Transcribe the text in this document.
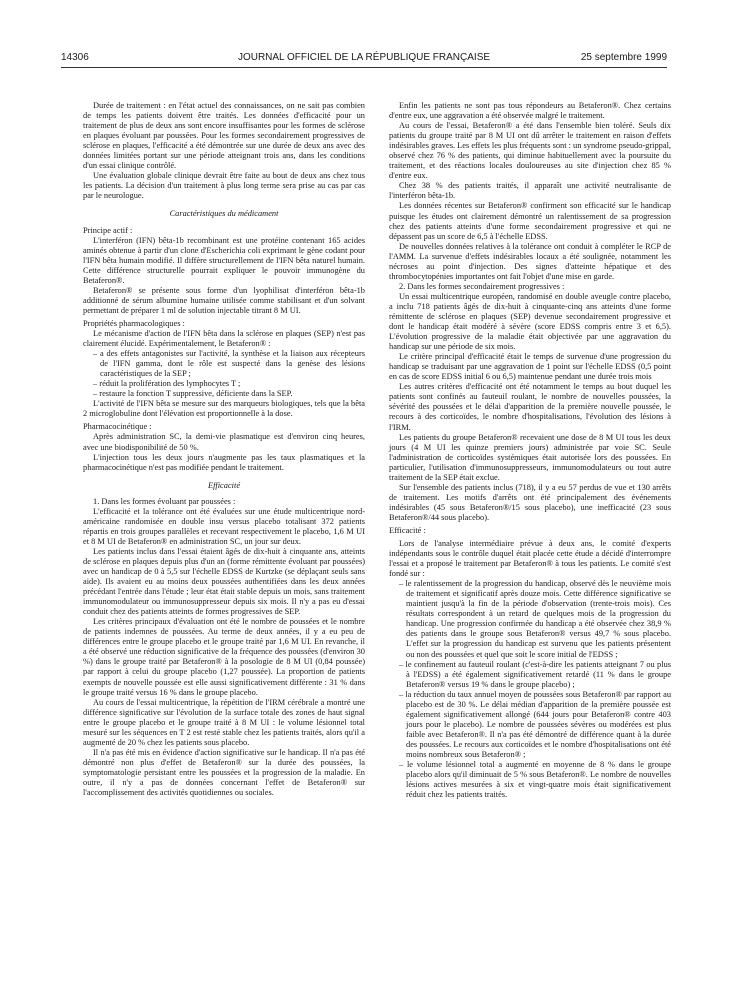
14306	JOURNAL OFFICIEL DE LA RÉPUBLIQUE FRANÇAISE	25 septembre 1999

Durée de traitement : en l'état actuel des connaissances, on ne sait pas combien de temps les patients doivent être traités. Les données d'efficacité pour un traitement de plus de deux ans sont encore insuffisantes pour les formes de sclérose en plaques évoluant par poussées. Pour les formes secondairement progressives de sclérose en plaques, l'efficacité a été démontrée sur une durée de deux ans avec des données limitées portant sur une période atteignant trois ans, dans les conditions d'un essai clinique contrôlé.

Une évaluation globale clinique devrait être faite au bout de deux ans chez tous les patients. La décision d'un traitement à plus long terme sera prise au cas par cas par le neurologue.

Caractéristiques du médicament

Principe actif :

L'interféron (IFN) bêta-1b recombinant est une protéine contenant 165 acides aminés obtenue à partir d'un clone d'Escherichia coli exprimant le gène codant pour l'IFN bêta humain modifié. Il diffère structurellement de l'IFN bêta naturel humain. Cette différence structurelle pourrait expliquer le pouvoir immunogène du Betaferon®.

Betaferon® se présente sous forme d'un lyophilisat d'interféron bêta-1b additionné de sérum albumine humaine utilisée comme stabilisant et d'un solvant permettant de préparer 1 ml de solution injectable titrant 8 M UI.

Propriétés pharmacologiques :

Le mécanisme d'action de l'IFN bêta dans la sclérose en plaques (SEP) n'est pas clairement élucidé. Expérimentalement, le Betaferon® :

– a des effets antagonistes sur l'activité, la synthèse et la liaison aux récepteurs de l'IFN gamma, dont le rôle est suspecté dans la genèse des lésions caractéristiques de la SEP ;
– réduit la prolifération des lymphocytes T ;
– restaure la fonction T suppressive, déficiente dans la SEP.

L'activité de l'IFN bêta se mesure sur des marqueurs biologiques, tels que la bêta 2 microglobuline dont l'élévation est proportionnelle à la dose.

Pharmacocinétique :

Après administration SC, la demi-vie plasmatique est d'environ cinq heures, avec une biodisponibilité de 50 %.

L'injection tous les deux jours n'augmente pas les taux plasmatiques et la pharmacocinétique n'est pas modifiée pendant le traitement.

Efficacité

1. Dans les formes évoluant par poussées :

L'efficacité et la tolérance ont été évaluées sur une étude multicentrique nord-américaine randomisée en double insu versus placebo totalisant 372 patients répartis en trois groupes parallèles et recevant respectivement le placebo, 1,6 M UI et 8 M UI de Betaferon® en administration SC, un jour sur deux.

Les patients inclus dans l'essai étaient âgés de dix-huit à cinquante ans, atteints de sclérose en plaques depuis plus d'un an (forme rémittente évoluant par poussées) avec un handicap de 0 à 5,5 sur l'échelle EDSS de Kurtzke (se déplaçant seuls sans aide). Ils avaient eu au moins deux poussées authentifiées dans les deux années précédant l'entrée dans l'étude ; leur état était stable depuis un mois, sans traitement immunomodulateur ou immunosuppresseur depuis six mois. Il n'y a pas eu d'essai conduit chez des patients atteints de formes progressives de SEP.

Les critères principaux d'évaluation ont été le nombre de poussées et le nombre de patients indemnes de poussées. Au terme de deux années, il y a eu peu de différences entre le groupe placebo et le groupe traité par 1,6 M UI. En revanche, il a été observé une réduction significative de la fréquence des poussées (d'environ 30 %) dans le groupe traité par Betaferon® à la posologie de 8 M UI (0,84 poussée) par rapport à celui du groupe placebo (1,27 poussée). La proportion de patients exempts de nouvelle poussée est elle aussi significativement différente : 31 % dans le groupe traité versus 16 % dans le groupe placebo.

Au cours de l'essai multicentrique, la répétition de l'IRM cérébrale a montré une différence significative sur l'évolution de la surface totale des zones de haut signal entre le groupe placebo et le groupe traité à 8 M UI : le volume lésionnel total mesuré sur les séquences en T 2 est resté stable chez les patients traités, alors qu'il a augmenté de 20 % chez les patients sous placebo.

Il n'a pas été mis en évidence d'action significative sur le handicap. Il n'a pas été démontré non plus d'effet de Betaferon® sur la durée des poussées, la symptomatologie persistant entre les poussées et la progression de la maladie. En outre, il n'y a pas de données concernant l'effet de Betaferon® sur l'accomplissement des activités quotidiennes ou sociales.

Enfin les patients ne sont pas tous répondeurs au Betaferon®. Chez certains d'entre eux, une aggravation a été observée malgré le traitement.

Au cours de l'essai, Betaferon® a été dans l'ensemble bien toléré. Seuls dix patients du groupe traité par 8 M UI ont dû arrêter le traitement en raison d'effets indésirables graves. Les effets les plus fréquents sont : un syndrome pseudo-grippal, observé chez 76 % des patients, qui diminue habituellement avec la poursuite du traitement, et des réactions locales douloureuses au site d'injection chez 85 % d'entre eux.

Chez 38 % des patients traités, il apparaît une activité neutralisante de l'interféron bêta-1b.

Les données récentes sur Betaferon® confirment son efficacité sur le handicap puisque les études ont clairement démontré un ralentissement de sa progression chez des patients atteints d'une forme secondairement progressive et qui ne dépassent pas un score de 6,5 à l'échelle EDSS.

De nouvelles données relatives à la tolérance ont conduit à compléter le RCP de l'AMM. La survenue d'effets indésirables locaux a été soulignée, notamment les nécroses au point d'injection. Des signes d'atteinte hépatique et des thrombocytopénies importantes ont fait l'objet d'une mise en garde.

2. Dans les formes secondairement progressives :

Un essai multicentrique européen, randomisé en double aveugle contre placebo, a inclu 718 patients âgés de dix-huit à cinquante-cinq ans atteints d'une forme rémittente de sclérose en plaques (SEP) devenue secondairement progressive et dont le handicap était modéré à sévère (score EDSS compris entre 3 et 6,5). L'évolution progressive de la maladie était objectivée par une aggravation du handicap sur une période de six mois.

Le critère principal d'efficacité était le temps de survenue d'une progression du handicap se traduisant par une aggravation de 1 point sur l'échelle EDSS (0,5 point en cas de score EDSS initial 6 ou 6,5) maintenue pendant une durée trois mois

Les autres critères d'efficacité ont été notamment le temps au bout duquel les patients sont confinés au fauteuil roulant, le nombre de nouvelles poussées, la sévérité des poussées et le délai d'apparition de la première nouvelle poussée, le recours à des corticoïdes, le nombre d'hospitalisations, l'évolution des lésions à l'IRM.

Les patients du groupe Betaferon® recevaient une dose de 8 M UI tous les deux jours (4 M UI les quinze premiers jours) administrée par voie SC. Seule l'administration de corticoïdes systémiques était autorisée lors des poussées. En particulier, l'utilisation d'immunosuppresseurs, immunomodulateurs ou tout autre traitement de la SEP était exclue.

Sur l'ensemble des patients inclus (718), il y a eu 57 perdus de vue et 130 arrêts de traitement. Les motifs d'arrêts ont été principalement des événements indésirables (45 sous Betaferon®/15 sous placebo), une inefficacité (23 sous Betaferon®/44 sous placebo).

Efficacité :

Lors de l'analyse intermédiaire prévue à deux ans, le comité d'experts indépendants sous le contrôle duquel était placée cette étude a décidé d'interrompre l'essai et a proposé le traitement par Betaferon® à tous les patients. Le comité s'est fondé sur :

– le ralentissement de la progression du handicap, observé dès le neuvième mois de traitement et significatif après douze mois. Cette différence significative se maintient jusqu'à la fin de la période d'observation (trente-trois mois). Ces résultats correspondent à un retard de quelques mois de la progression du handicap. Une progression confirmée du handicap a été observée chez 38,9 % des patients dans le groupe sous Betaferon® versus 49,7 % sous placebo. L'effet sur la progression du handicap est survenu que les patients présentent ou non des poussées et quel que soit le score initial de l'EDSS ;
– le confinement au fauteuil roulant (c'est-à-dire les patients atteignant 7 ou plus à l'EDSS) a été également significativement retardé (11 % dans le groupe Betaferon® versus 19 % dans le groupe placebo) ;
– la réduction du taux annuel moyen de poussées sous Betaferon® par rapport au placebo est de 30 %. Le délai médian d'apparition de la première poussée est également significativement allongé (644 jours pour Betaferon® contre 403 jours pour le placebo). Le nombre de poussées sévères ou modérées est plus faible avec Betaferon®. Il n'a pas été démontré de différence quant à la durée des poussées. Le recours aux corticoïdes et le nombre d'hospitalisations ont été moins nombreux sous Betaferon® ;
– le volume lésionnel total a augmenté en moyenne de 8 % dans le groupe placebo alors qu'il diminuait de 5 % sous Betaferon®. Le nombre de nouvelles lésions actives mesurées à six et vingt-quatre mois était significativement réduit chez les patients traités.
